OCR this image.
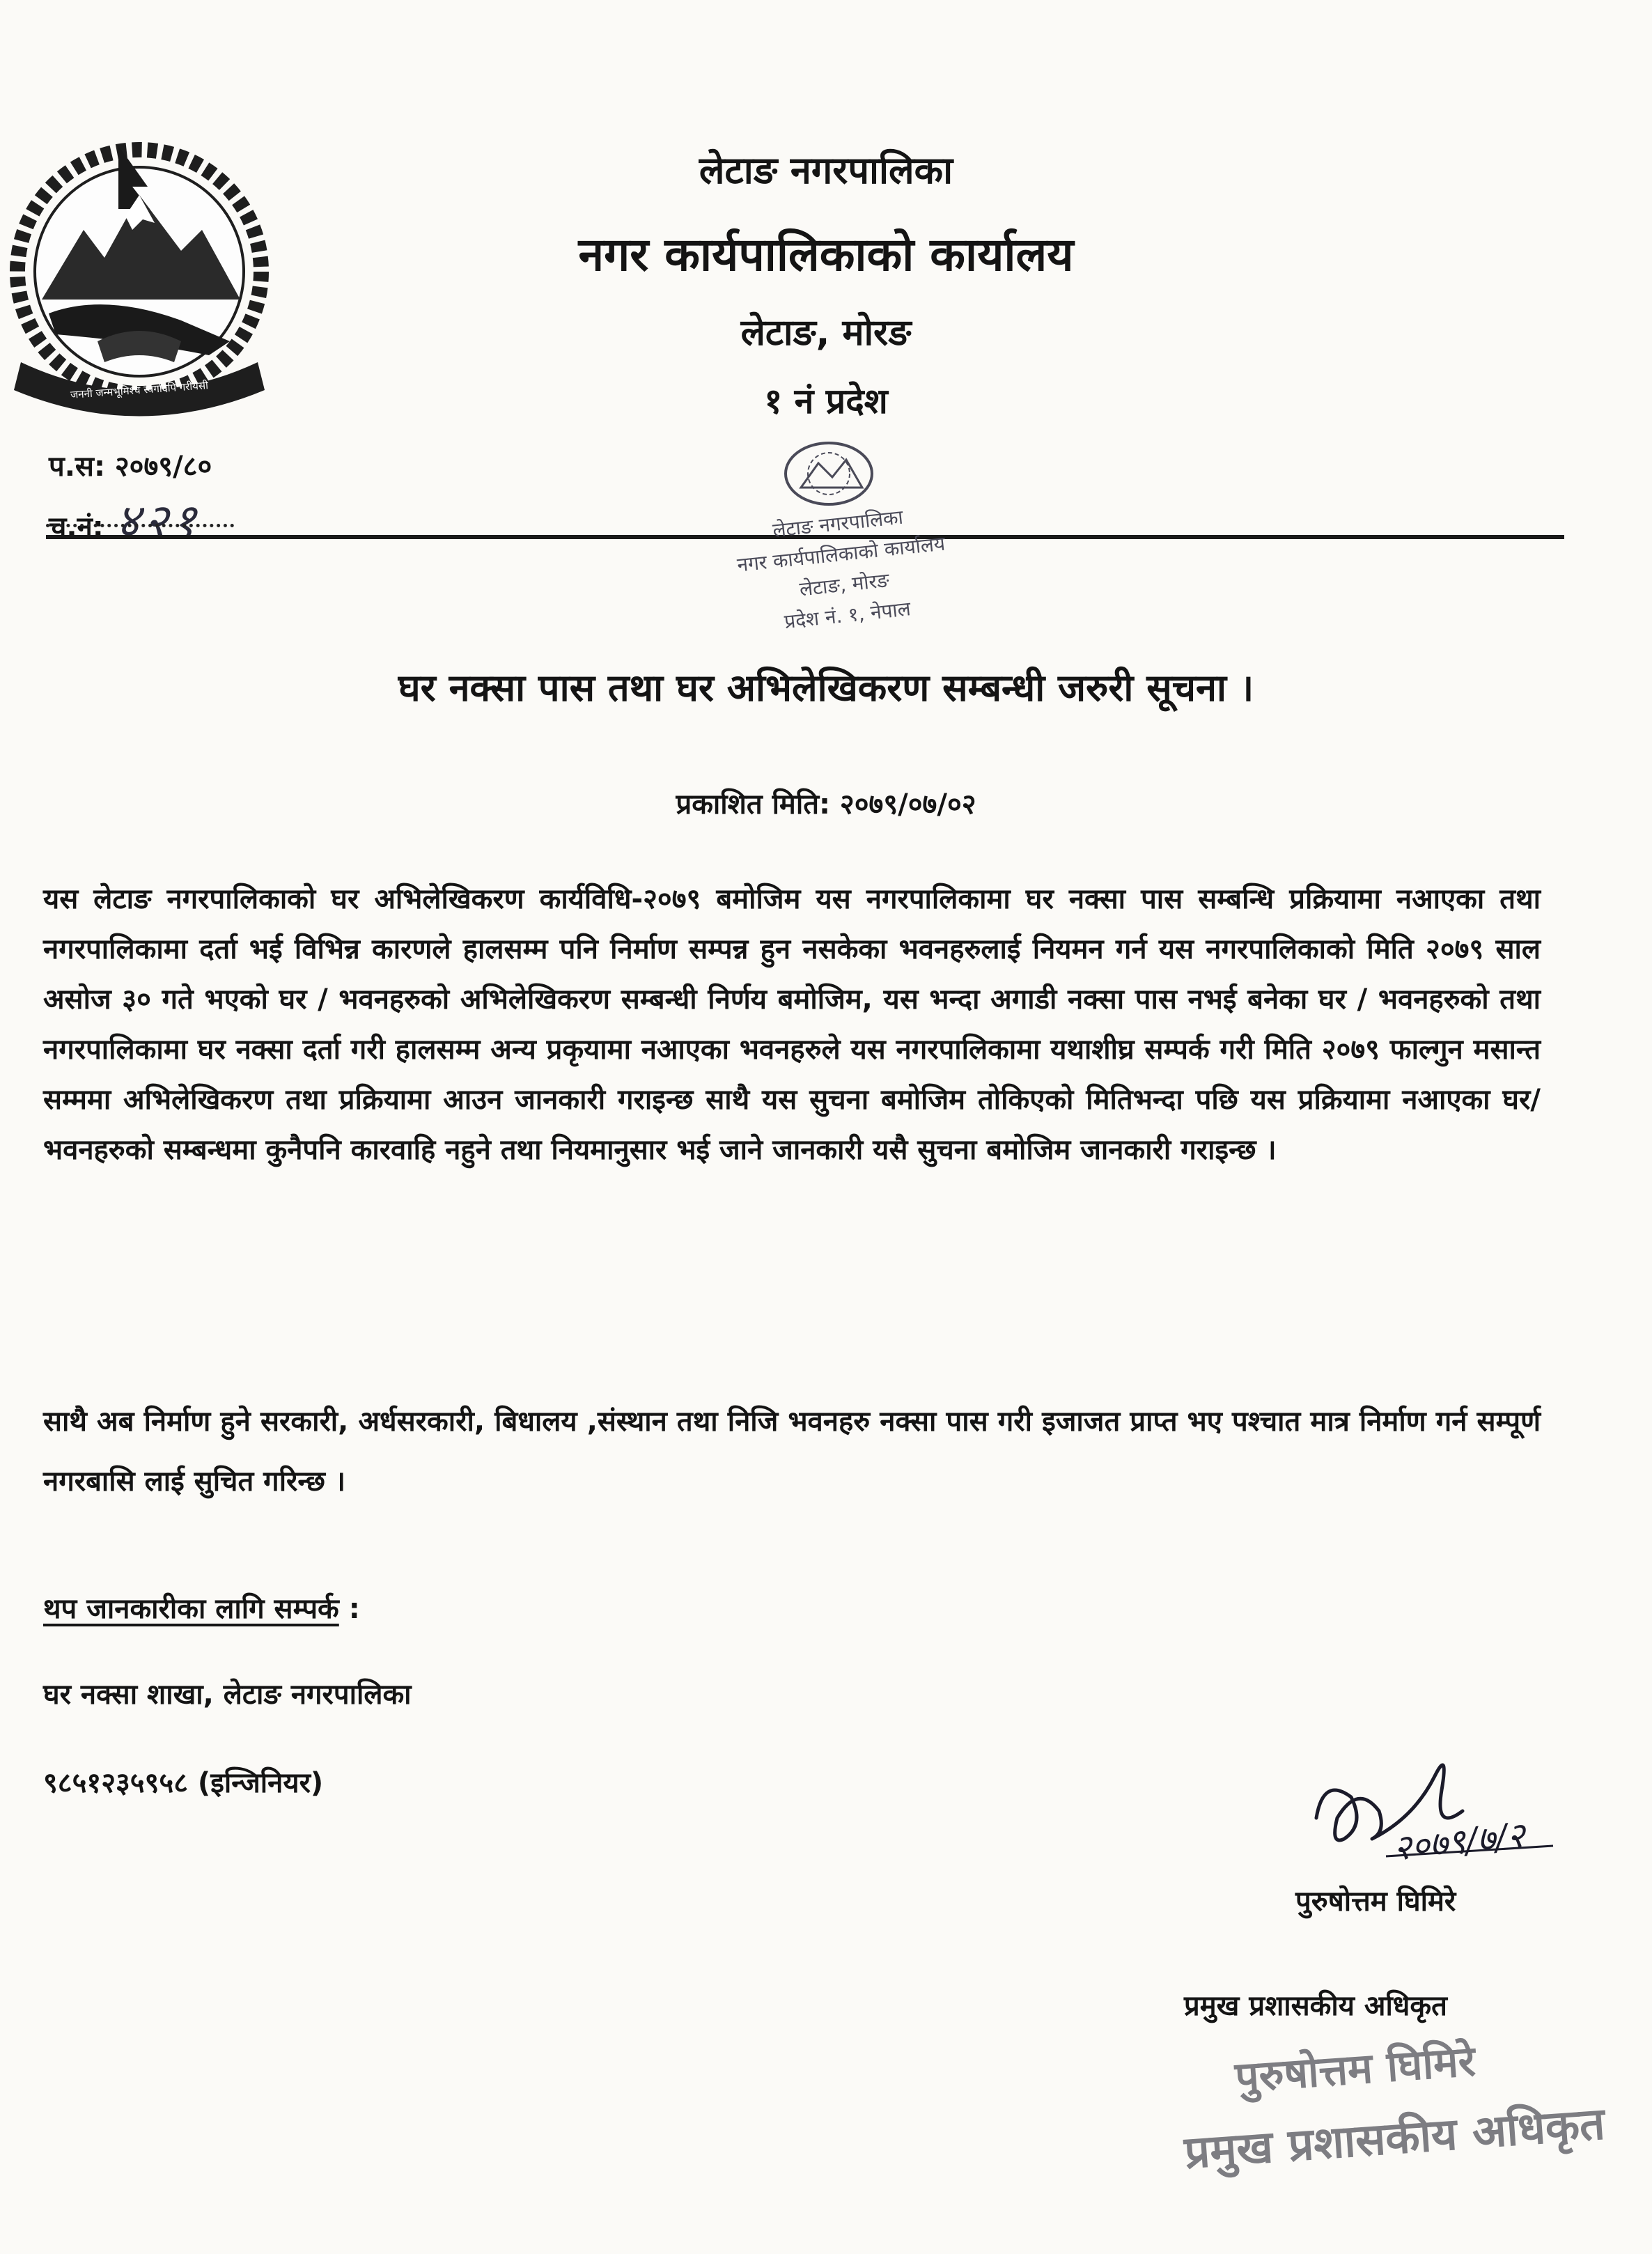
जननी जन्मभूमिश्च स्वर्गादपि गरीयसी
लेटाङ नगरपालिका
नगर कार्यपालिकाको कार्यालय
लेटाङ, मोरङ
१ नं प्रदेश
प.स: २०७९/८०
च.नं: ४२१	लेटाङ नगरपालिका
नगर कार्यपालिकाको कार्यालय
लेटाङ, मोरङ
प्रदेश नं. १, नेपाल
घर नक्सा पास तथा घर अभिलेखिकरण सम्बन्धी जरुरी सूचना ।
प्रकाशित मिति: २०७९/०७/०२
यस लेटाङ नगरपालिकाको घर अभिलेखिकरण कार्यविधि-२०७९ बमोजिम यस नगरपालिकामा घर नक्सा पास सम्बन्धि प्रक्रियामा नआएका तथा नगरपालिकामा दर्ता भई विभिन्न कारणले हालसम्म पनि निर्माण सम्पन्न हुन नसकेका भवनहरुलाई नियमन गर्न यस नगरपालिकाको मिति २०७९ साल असोज ३० गते भएको घर / भवनहरुको अभिलेखिकरण सम्बन्धी निर्णय बमोजिम, यस भन्दा अगाडी नक्सा पास नभई बनेका घर / भवनहरुको तथा नगरपालिकामा घर नक्सा दर्ता गरी हालसम्म अन्य प्रकृयामा नआएका भवनहरुले यस नगरपालिकामा यथाशीघ्र सम्पर्क गरी मिति २०७९ फाल्गुन मसान्त सम्ममा अभिलेखिकरण तथा प्रक्रियामा आउन जानकारी गराइन्छ साथै यस सुचना बमोजिम तोकिएको मितिभन्दा पछि यस प्रक्रियामा नआएका घर/ भवनहरुको सम्बन्धमा कुनैपनि कारवाहि नहुने तथा नियमानुसार भई जाने जानकारी यसै सुचना बमोजिम जानकारी गराइन्छ ।
साथै अब निर्माण हुने सरकारी, अर्धसरकारी, बिधालय ,संस्थान तथा निजि भवनहरु नक्सा पास गरी इजाजत प्राप्त भए पश्चात मात्र निर्माण गर्न सम्पूर्ण नगरबासि लाई सुचित गरिन्छ ।
थप जानकारीका लागि सम्पर्क :
घर नक्सा शाखा, लेटाङ नगरपालिका
९८५१२३५९५८ (इन्जिनियर)
२०७९/७/२
पुरुषोत्तम घिमिरे
प्रमुख प्रशासकीय अधिकृत
पुरुषोत्तम घिमिरे
प्रमुख प्रशासकीय अधिकृत
